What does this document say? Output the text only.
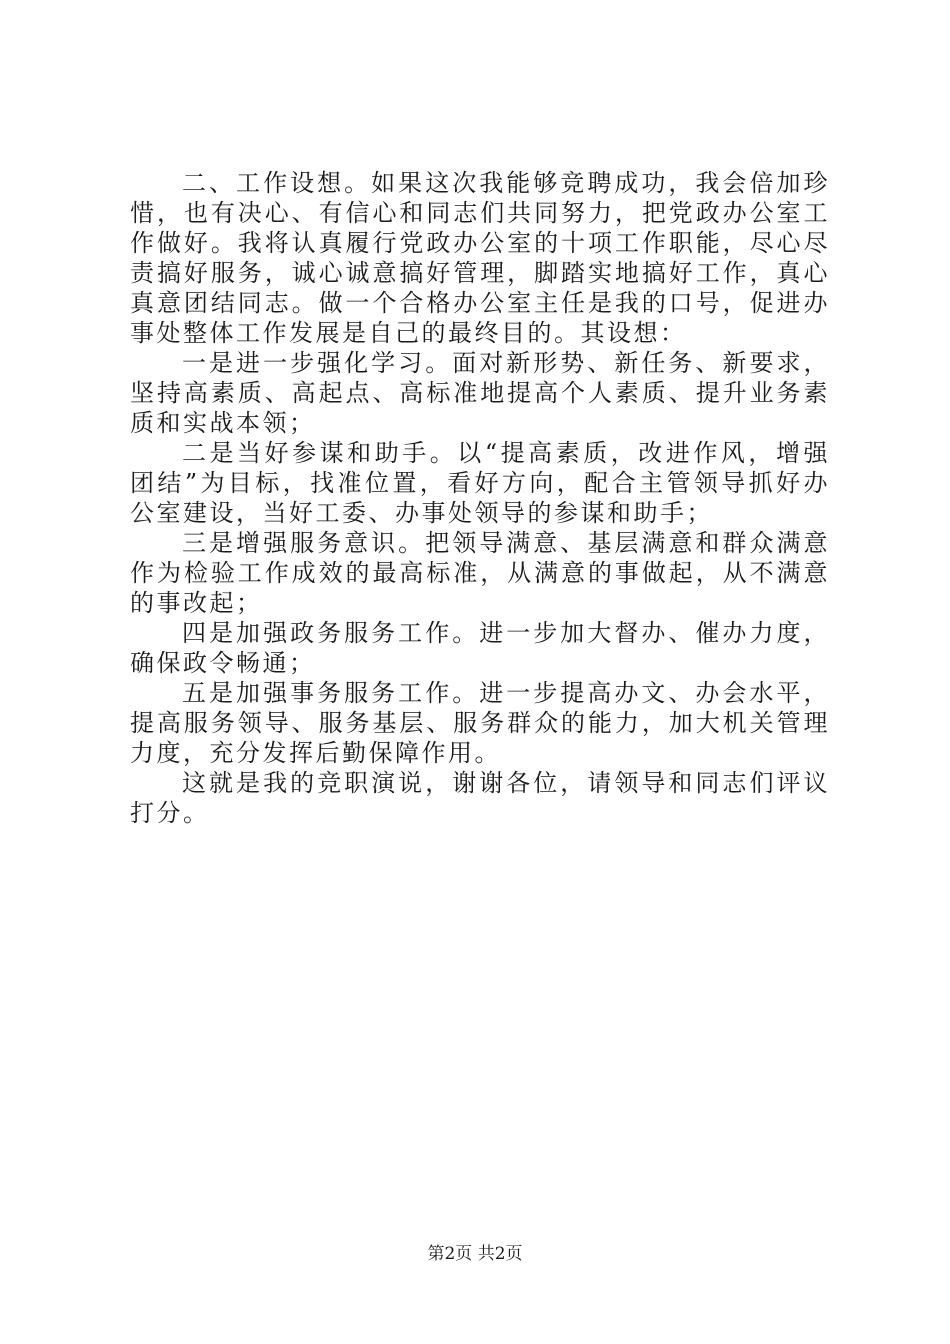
二、工作设想。如果这次我能够竞聘成功，我会倍加珍惜，也有决心、有信心和同志们共同努力，把党政办公室工作做好。我将认真履行党政办公室的十项工作职能，尽心尽责搞好服务，诚心诚意搞好管理，脚踏实地搞好工作，真心真意团结同志。做一个合格办公室主任是我的口号，促进办事处整体工作发展是自己的最终目的。其设想：

一是进一步强化学习。面对新形势、新任务、新要求，坚持高素质、高起点、高标准地提高个人素质、提升业务素质和实战本领；

二是当好参谋和助手。以“提高素质，改进作风，增强团结”为目标，找准位置，看好方向，配合主管领导抓好办公室建设，当好工委、办事处领导的参谋和助手；

三是增强服务意识。把领导满意、基层满意和群众满意作为检验工作成效的最高标准，从满意的事做起，从不满意的事改起；

四是加强政务服务工作。进一步加大督办、催办力度，确保政令畅通；

五是加强事务服务工作。进一步提高办文、办会水平，提高服务领导、服务基层、服务群众的能力，加大机关管理力度，充分发挥后勤保障作用。

这就是我的竞职演说，谢谢各位，请领导和同志们评议打分。

第2页 共2页
